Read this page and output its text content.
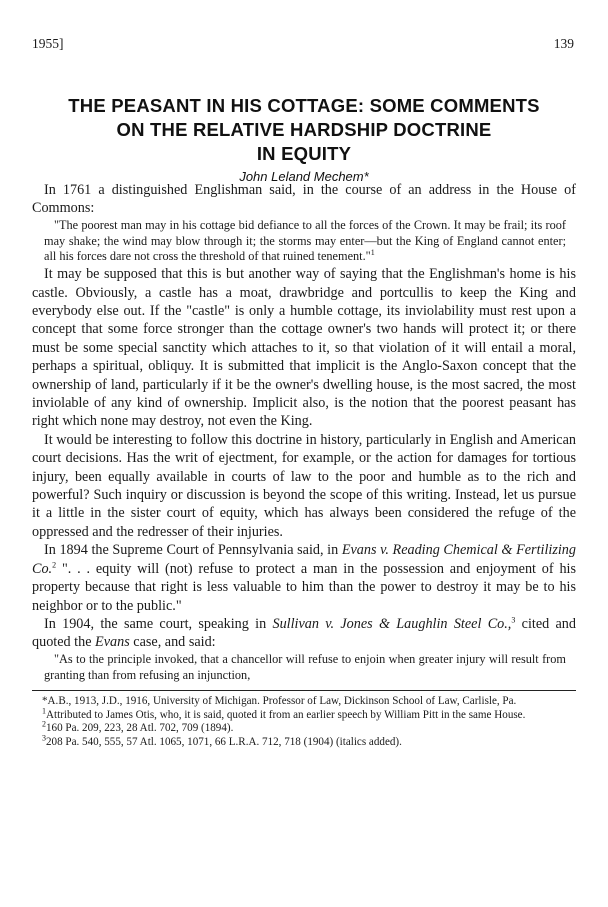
1955]	139
THE PEASANT IN HIS COTTAGE: SOME COMMENTS
ON THE RELATIVE HARDSHIP DOCTRINE
IN EQUITY
John Leland Mechem*

In 1761 a distinguished Englishman said, in the course of an address in the House of Commons:

"The poorest man may in his cottage bid defiance to all the forces of the Crown. It may be frail; its roof may shake; the wind may blow through it; the storms may enter—but the King of England cannot enter; all his forces dare not cross the threshold of that ruined tenement."$^1$

It may be supposed that this is but another way of saying that the Englishman's home is his castle. Obviously, a castle has a moat, drawbridge and portcullis to keep the King and everybody else out. If the "castle" is only a humble cottage, its inviolability must rest upon a concept that some force stronger than the cottage owner's two hands will protect it; or there must be some special sanctity which attaches to it, so that violation of it will entail a moral, perhaps a spiritual, obliquy. It is submitted that implicit is the Anglo-Saxon concept that the ownership of land, particularly if it be the owner's dwelling house, is the most sacred, the most inviolable of any kind of ownership. Implicit also, is the notion that the poorest peasant has right which none may destroy, not even the King.

It would be interesting to follow this doctrine in history, particularly in English and American court decisions. Has the writ of ejectment, for example, or the action for damages for tortious injury, been equally available in courts of law to the poor and humble as to the rich and powerful? Such inquiry or discussion is beyond the scope of this writing. Instead, let us pursue it a little in the sister court of equity, which has always been considered the refuge of the oppressed and the redresser of their injuries.

In 1894 the Supreme Court of Pennsylvania said, in Evans v. Reading Chemical & Fertilizing Co.$^2$ ". . . equity will (not) refuse to protect a man in the possession and enjoyment of his property because that right is less valuable to him than the power to destroy it may be to his neighbor or to the public."

In 1904, the same court, speaking in Sullivan v. Jones & Laughlin Steel Co.,$^3$ cited and quoted the Evans case, and said:

"As to the principle invoked, that a chancellor will refuse to enjoin when greater injury will result from granting than from refusing an injunction,

*A.B., 1913, J.D., 1916, University of Michigan. Professor of Law, Dickinson School of Law, Carlisle, Pa.

$^1$Attributed to James Otis, who, it is said, quoted it from an earlier speech by William Pitt in the same House.

$^2$160 Pa. 209, 223, 28 Atl. 702, 709 (1894).

$^3$208 Pa. 540, 555, 57 Atl. 1065, 1071, 66 L.R.A. 712, 718 (1904) (italics added).
